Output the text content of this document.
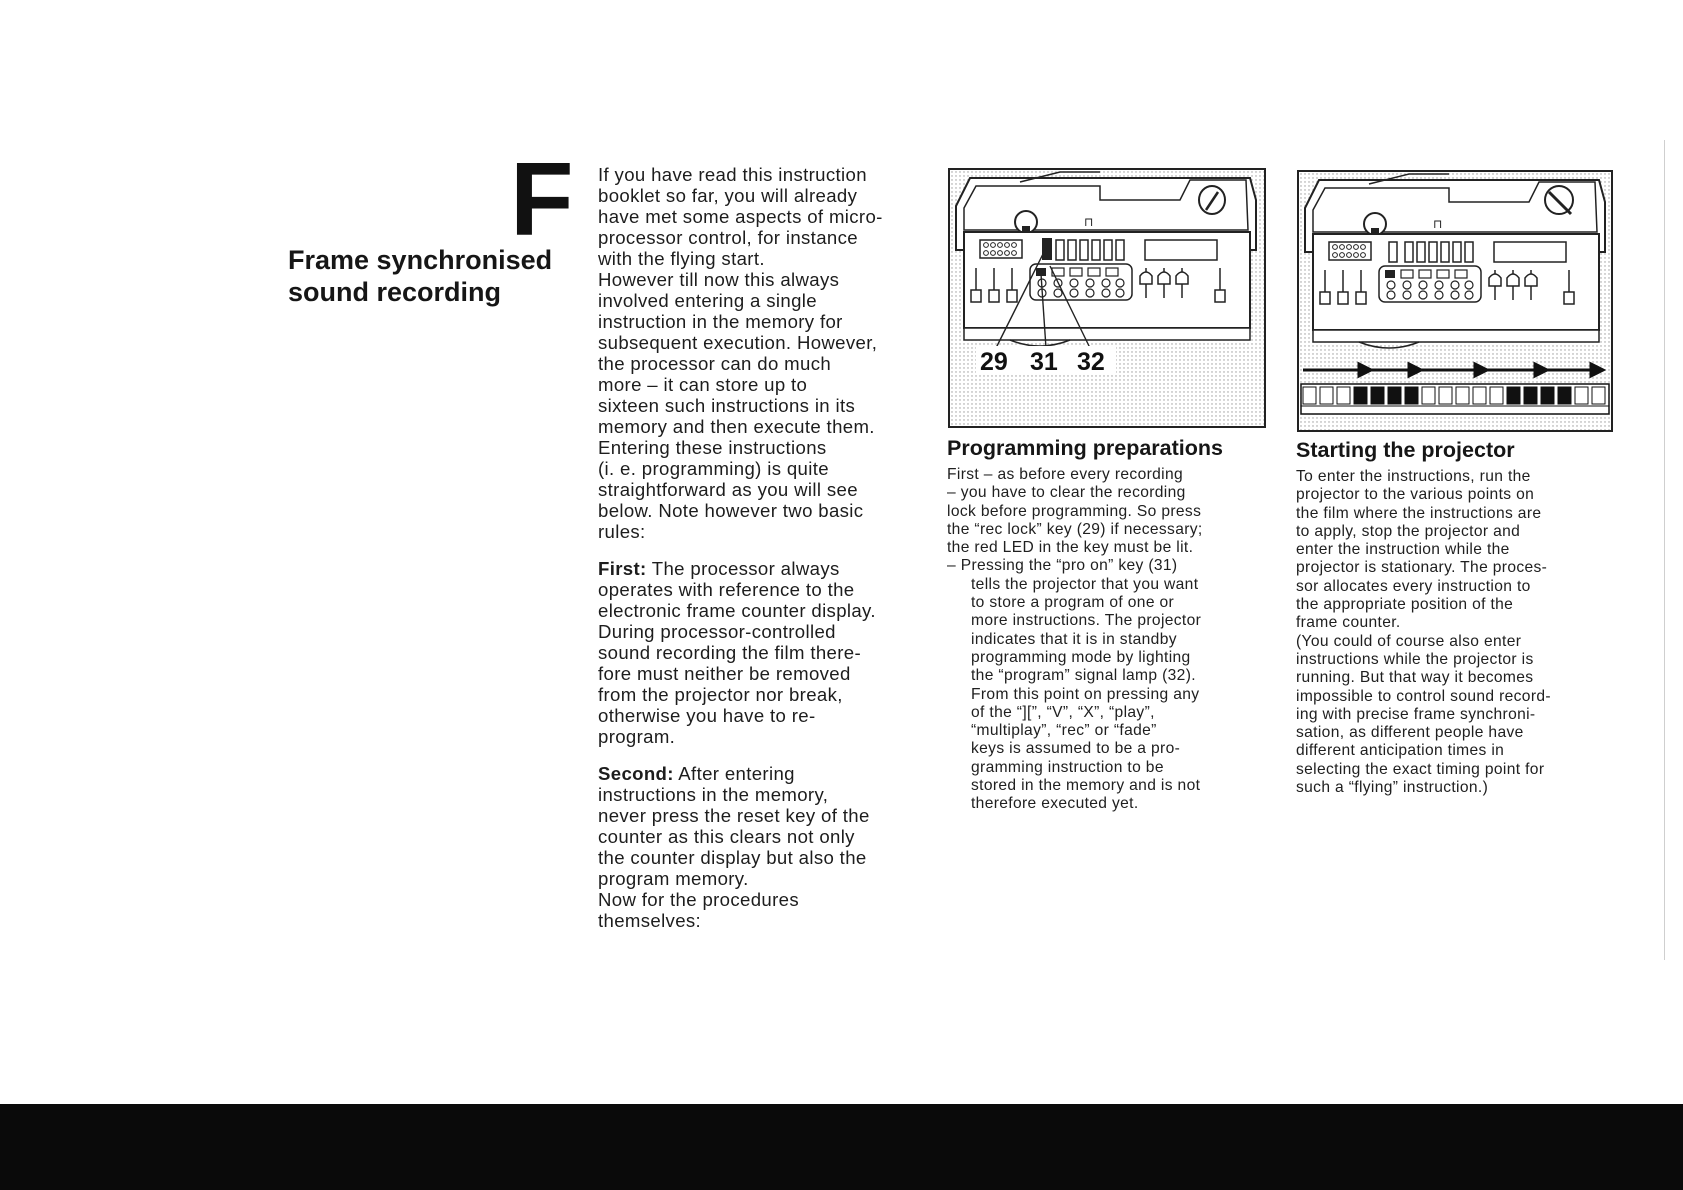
F
Frame synchronised
sound recording

If you have read this instruction
booklet so far, you will already
have met some aspects of micro-
processor control, for instance
with the flying start.
However till now this always
involved entering a single
instruction in the memory for
subsequent execution. However,
the processor can do much
more – it can store up to
sixteen such instructions in its
memory and then execute them.
Entering these instructions
(i. e. programming) is quite
straightforward as you will see
below. Note however two basic
rules:

First: The processor always
operates with reference to the
electronic frame counter display.
During processor-controlled
sound recording the film there-
fore must neither be removed
from the projector nor break,
otherwise you have to re-
program.

Second: After entering
instructions in the memory,
never press the reset key of the
counter as this clears not only
the counter display but also the
program memory.
Now for the procedures
themselves:

⊓
29 31 32
Programming preparations
First – as before every recording
– you have to clear the recording
lock before programming. So press
the “rec lock” key (29) if necessary;
the red LED in the key must be lit.
– Pressing the “pro on” key (31)
tells the projector that you want
to store a program of one or
more instructions. The projector
indicates that it is in standby
programming mode by lighting
the “program” signal lamp (32).
From this point on pressing any
of the “][”, “V”, “X”, “play”,
“multiplay”, “rec” or “fade”
keys is assumed to be a pro-
gramming instruction to be
stored in the memory and is not
therefore executed yet.
⊓
Starting the projector
To enter the instructions, run the
projector to the various points on
the film where the instructions are
to apply, stop the projector and
enter the instruction while the
projector is stationary. The proces-
sor allocates every instruction to
the appropriate position of the
frame counter.
(You could of course also enter
instructions while the projector is
running. But that way it becomes
impossible to control sound record-
ing with precise frame synchroni-
sation, as different people have
different anticipation times in
selecting the exact timing point for
such a “flying” instruction.)
